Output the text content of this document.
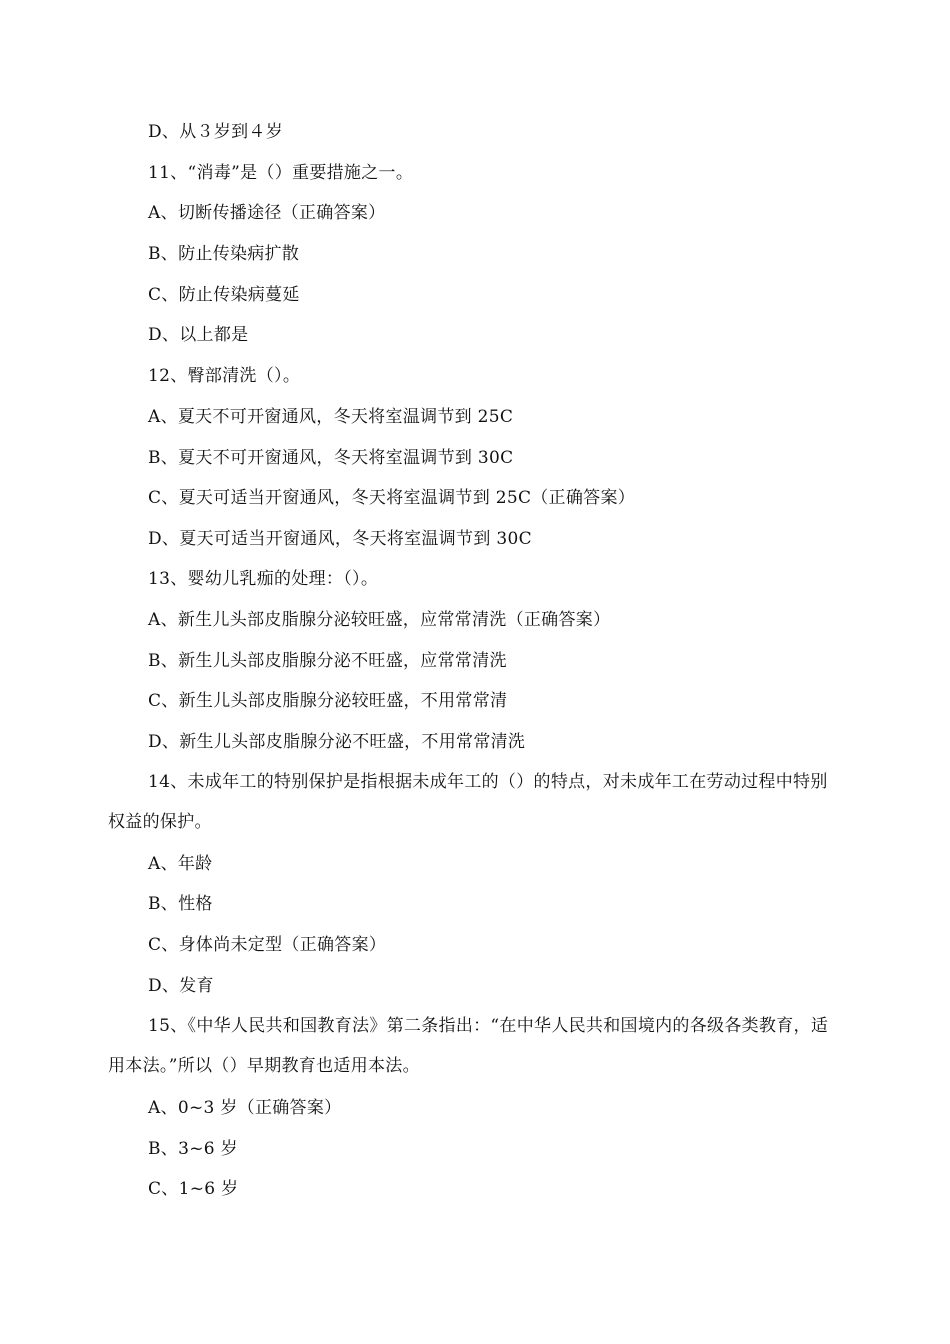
D、从３岁到４岁
11、“消毒”是（）重要措施之一。
A、切断传播途径（正确答案）
B、防止传染病扩散
C、防止传染病蔓延
D、以上都是
12、臀部清洗（）。
A、夏天不可开窗通风，冬天将室温调节到 25C
B、夏天不可开窗通风，冬天将室温调节到 30C
C、夏天可适当开窗通风，冬天将室温调节到 25C（正确答案）
D、夏天可适当开窗通风，冬天将室温调节到 30C
13、婴幼儿乳痂的处理：（）。
A、新生儿头部皮脂腺分泌较旺盛，应常常清洗（正确答案）
B、新生儿头部皮脂腺分泌不旺盛，应常常清洗
C、新生儿头部皮脂腺分泌较旺盛，不用常常清
D、新生儿头部皮脂腺分泌不旺盛，不用常常清洗
14、未成年工的特别保护是指根据未成年工的（）的特点，对未成年工在劳动过程中特别权益的保护。
A、年龄
B、性格
C、身体尚未定型（正确答案）
D、发育
15、《中华人民共和国教育法》第二条指出：“在中华人民共和国境内的各级各类教育，适用本法。”所以（）早期教育也适用本法。
A、0~3 岁（正确答案）
B、3~6 岁
C、1~6 岁
